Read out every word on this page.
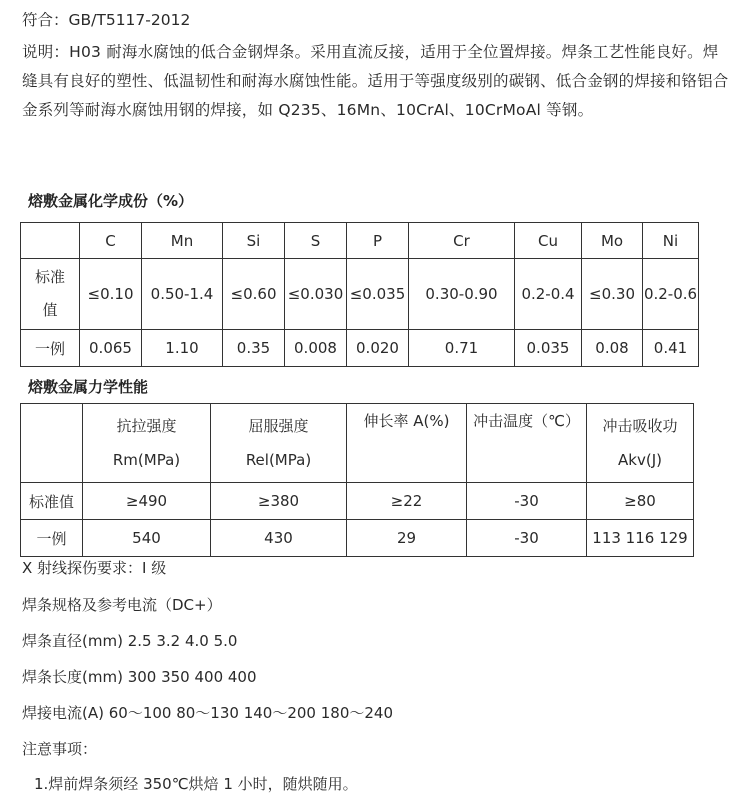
符合：GB/T5117-2012
说明：H03 耐海水腐蚀的低合金钢焊条。采用直流反接，适用于全位置焊接。焊条工艺性能良好。焊缝具有良好的塑性、低温韧性和耐海水腐蚀性能。适用于等强度级别的碳钢、低合金钢的焊接和铬铝合金系列等耐海水腐蚀用钢的焊接，如 Q235、16Mn、10CrAl、10CrMoAl 等钢。
熔敷金属化学成份（%）
	C	Mn	Si	S	P	Cr	Cu	Mo	Ni
标准值	≤0.10	0.50-1.4	≤0.60	≤0.030	≤0.035	0.30-0.90	0.2-0.4	≤0.30	0.2-0.6
一例	0.065	1.10	0.35	0.008	0.020	0.71	0.035	0.08	0.41
熔敷金属力学性能
	抗拉强度 Rm(MPa)	屈服强度 Rel(MPa)	伸长率 A(%)	冲击温度（℃）	冲击吸收功 Akv(J)
标准值	≥490	≥380	≥22	-30	≥80
一例	540	430	29	-30	113 116 129
X 射线探伤要求：I 级
焊条规格及参考电流（DC+）
焊条直径(mm) 2.5 3.2 4.0 5.0
焊条长度(mm) 300 350 400 400
焊接电流(A) 60～100 80～130 140～200 180～240
注意事项：
1.焊前焊条须经 350℃烘焙 1 小时，随烘随用。
